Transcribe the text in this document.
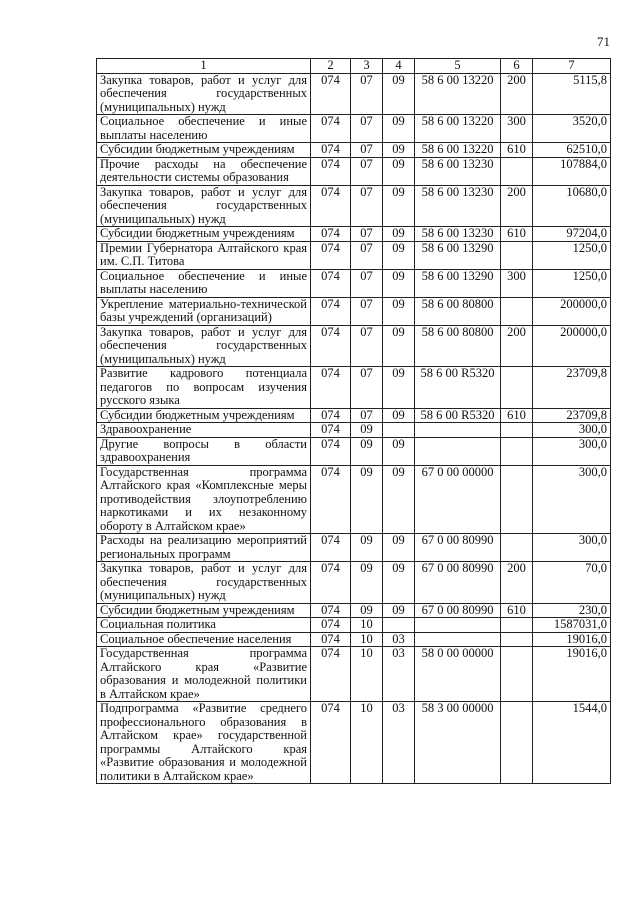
71
1	2	3	4	5	6	7
Закупка товаров, работ и услуг для обеспечения государственных (муниципальных) нужд	074	07	09	58 6 00 13220	200	5115,8
Социальное обеспечение и иные выплаты населению	074	07	09	58 6 00 13220	300	3520,0
Субсидии бюджетным учреждениям	074	07	09	58 6 00 13220	610	62510,0
Прочие расходы на обеспечение деятельности системы образования	074	07	09	58 6 00 13230		107884,0
Закупка товаров, работ и услуг для обеспечения государственных (муниципальных) нужд	074	07	09	58 6 00 13230	200	10680,0
Субсидии бюджетным учреждениям	074	07	09	58 6 00 13230	610	97204,0
Премии Губернатора Алтайского края им. С.П. Титова	074	07	09	58 6 00 13290		1250,0
Социальное обеспечение и иные выплаты населению	074	07	09	58 6 00 13290	300	1250,0
Укрепление материально-технической базы учреждений (организаций)	074	07	09	58 6 00 80800		200000,0
Закупка товаров, работ и услуг для обеспечения государственных (муниципальных) нужд	074	07	09	58 6 00 80800	200	200000,0
Развитие кадрового потенциала педагогов по вопросам изучения русского языка	074	07	09	58 6 00 R5320		23709,8
Субсидии бюджетным учреждениям	074	07	09	58 6 00 R5320	610	23709,8
Здравоохранение	074	09				300,0
Другие вопросы в области здравоохранения	074	09	09			300,0
Государственная программа Алтайского края «Комплексные меры противодействия злоупотреблению наркотиками и их незаконному обороту в Алтайском крае»	074	09	09	67 0 00 00000		300,0
Расходы на реализацию мероприятий региональных программ	074	09	09	67 0 00 80990		300,0
Закупка товаров, работ и услуг для обеспечения государственных (муниципальных) нужд	074	09	09	67 0 00 80990	200	70,0
Субсидии бюджетным учреждениям	074	09	09	67 0 00 80990	610	230,0
Социальная политика	074	10				1587031,0
Социальное обеспечение населения	074	10	03			19016,0
Государственная программа Алтайского края «Развитие образования и молодежной политики в Алтайском крае»	074	10	03	58 0 00 00000		19016,0
Подпрограмма «Развитие среднего профессионального образования в Алтайском крае» государственной программы Алтайского края «Развитие образования и молодежной политики в Алтайском крае»	074	10	03	58 3 00 00000		1544,0
